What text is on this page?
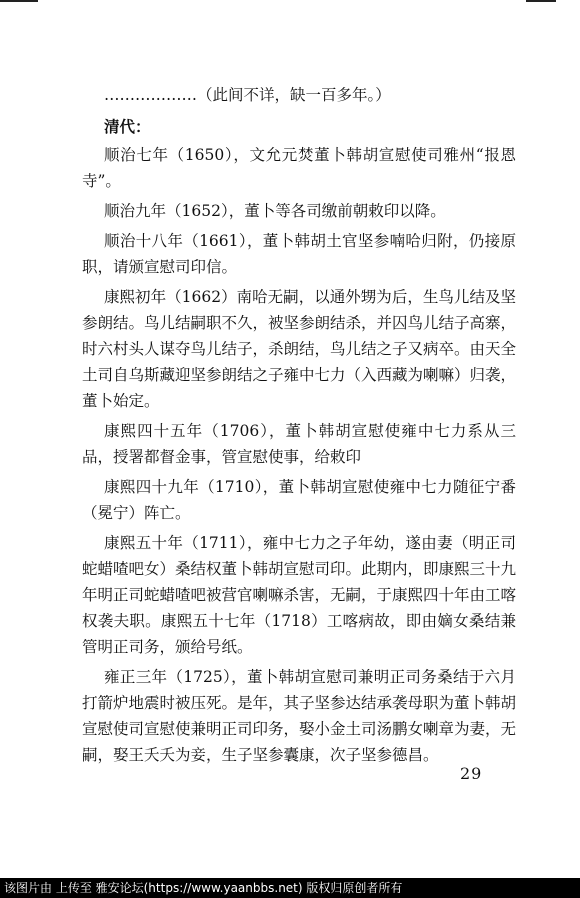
………………（此间不详，缺一百多年。）

清代：

顺治七年（1650），文允元焚董卜韩胡宣慰使司雅州“报恩寺”。

顺治九年（1652），董卜等各司缴前朝敕印以降。

顺治十八年（1661），董卜韩胡土官坚参喃哈归附，仍接原职，请颁宣慰司印信。

康熙初年（1662）南哈无嗣，以通外甥为后，生鸟儿结及坚参朗结。鸟儿结嗣职不久，被坚参朗结杀，并囚鸟儿结子高寨，时六村头人谋夺鸟儿结子，杀朗结，鸟儿结之子又病卒。由天全土司自乌斯藏迎坚参朗结之子雍中七力（入西藏为喇嘛）归袭，董卜始定。

康熙四十五年（1706），董卜韩胡宣慰使雍中七力系从三品，授署都督金事，管宣慰使事，给敕印

康熙四十九年（1710），董卜韩胡宣慰使雍中七力随征宁番（冕宁）阵亡。

康熙五十年（1711），雍中七力之子年幼，遂由妻（明正司蛇蜡喳吧女）桑结权董卜韩胡宣慰司印。此期内，即康熙三十九年明正司蛇蜡喳吧被营官喇嘛杀害，无嗣，于康熙四十年由工喀权袭夫职。康熙五十七年（1718）工喀病故，即由嫡女桑结兼管明正司务，颁给号纸。

雍正三年（1725），董卜韩胡宣慰司兼明正司务桑结于六月打箭炉地震时被压死。是年，其子坚参达结承袭母职为董卜韩胡宣慰使司宣慰使兼明正司印务，娶小金土司汤鹏女喇章为妻，无嗣，娶王夭夭为妾，生子坚参囊康，次子坚参德昌。

29
该图片由 上传至 雅安论坛(https://www.yaanbbs.net) 版权归原创者所有
